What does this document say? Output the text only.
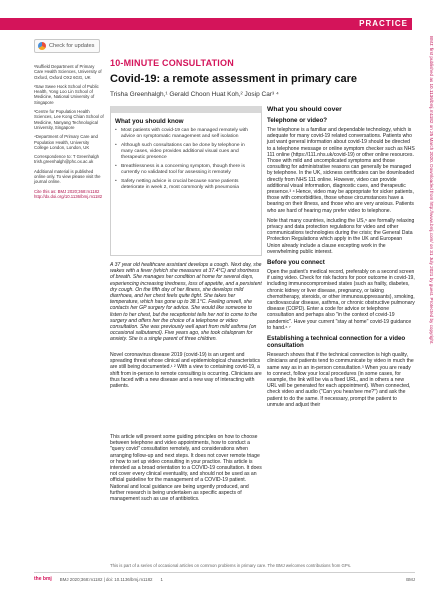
PRACTICE
Check for updates

¹Nuffield Department of Primary Care Health Sciences, University of Oxford, Oxford OX2 6GG, UK

²Saw Swee Hock School of Public Health, Yong Loo Lin School of Medicine, National University of Singapore

³Centre for Population Health Sciences, Lee Kong Chian School of Medicine, Nanyang Technological University, Singapore

⁴Department of Primary Care and Population Health, University College London, London, UK

Correspondence to: T Greenhalgh trish.greenhalgh@phc.ox.ac.uk

Additional material is published online only. To view please visit the journal online.

Cite this as: BMJ 2020;368:m1182 http://dx.doi.org/10.1136/bmj.m1182

10-MINUTE CONSULTATION
Covid-19: a remote assessment in primary care
Trisha Greenhalgh,¹ Gerald Choon Huat Koh,² Josip Car³ ⁴
What you should know
• Most patients with covid-19 can be managed remotely with advice on symptomatic management and self isolation
• Although such consultations can be done by telephone in many cases, video provides additional visual cues and therapeutic presence
• Breathlessness is a concerning symptom, though there is currently no validated tool for assessing it remotely
• Safety netting advice is crucial because some patients deteriorate in week 2, most commonly with pneumonia

A 37 year old healthcare assistant develops a cough. Next day, she wakes with a fever (which she measures at 37.4°C) and shortness of breath. She manages her condition at home for several days, experiencing increasing tiredness, loss of appetite, and a persistent dry cough. On the fifth day of her illness, she develops mild diarrhoea, and her chest feels quite tight. She takes her temperature, which has gone up to 38.1°C. Feeling unwell, she contacts her GP surgery for advice. She would like someone to listen to her chest, but the receptionist tells her not to come to the surgery and offers her the choice of a telephone or video consultation. She was previously well apart from mild asthma (on occasional salbutamol). Five years ago, she took citalopram for anxiety. She is a single parent of three children.

Novel coronavirus disease 2019 (covid-19) is an urgent and spreading threat whose clinical and epidemiological characteristics are still being documented.¹ ² With a view to containing covid-19, a shift from in-person to remote consulting is occurring. Clinicians are thus faced with a new disease and a new way of interacting with patients.

This article will present some guiding principles on how to choose between telephone and video appointments, how to conduct a "query covid" consultation remotely, and considerations when arranging follow-up and next steps. It does not cover remote triage or how to set up video consulting in your practice. This article is intended as a broad orientation to a COVID-19 consultation. It does not cover every clinical eventuality, and should not be used as an official guideline for the management of a COVID-19 patient. National and local guidance are being urgently produced, and further research is being undertaken as specific aspects of management such as use of antibiotics.

What you should cover
Telephone or video?

The telephone is a familiar and dependable technology, which is adequate for many covid-19 related conversations. Patients who just want general information about covid-19 should be directed to a telephone message or online symptom checker such as NHS 111 online (https://111.nhs.uk/covid-19) or other online resources. Those with mild and uncomplicated symptoms and those consulting for administrative reasons can generally be managed by telephone. In the UK, sickness certificates can be downloaded directly from NHS 111 online. However, video can provide additional visual information, diagnostic cues, and therapeutic presence.³ ⁴ Hence, video may be appropriate for sicker patients, those with comorbidities, those whose circumstances have a bearing on their illness, and those who are very anxious. Patients who are hard of hearing may prefer video to telephone.

Note that many countries, including the US,⁵ are formally relaxing privacy and data protection regulations for video and other communications technologies during the crisis; the General Data Protection Regulations which apply in the UK and European Union already include a clause excepting work in the overwhelming public interest.

Before you connect

Open the patient's medical record, preferably on a second screen if using video. Check for risk factors for poor outcome in covid-19, including immunocompromised states (such as frailty, diabetes, chronic kidney or liver disease, pregnancy, or taking chemotherapy, steroids, or other immunosuppressants), smoking, cardiovascular disease, asthma, or chronic obstructive pulmonary disease (COPD). Enter a code for advice or telephone consultation and perhaps also "in the context of covid-19 pandemic". Have your current "stay at home" covid-19 guidance to hand.⁶ ⁷

Establishing a technical connection for a video consultation

Research shows that if the technical connection is high quality, clinicians and patients tend to communicate by video in much the same way as in an in-person consultation.³ When you are ready to connect, follow your local procedures (in some cases, for example, the link will be via a fixed URL, and in others a new URL will be generated for each appointment). When connected, check video and audio ("Can you hear/see me?") and ask the patient to do the same. If necessary, prompt the patient to unmute and adjust their

BMJ: first published as 10.1136/bmj.m1182 on 25 March 2020. Downloaded from http://www.bmj.com/ on 31 July 2021 by guest. Protected by copyright.

This is part of a series of occasional articles on common problems in primary care. The BMJ welcomes contributions from GPs.

the bmj BMJ 2020;368:m1182 | doi: 10.1136/bmj.m1182 1	BMJ
